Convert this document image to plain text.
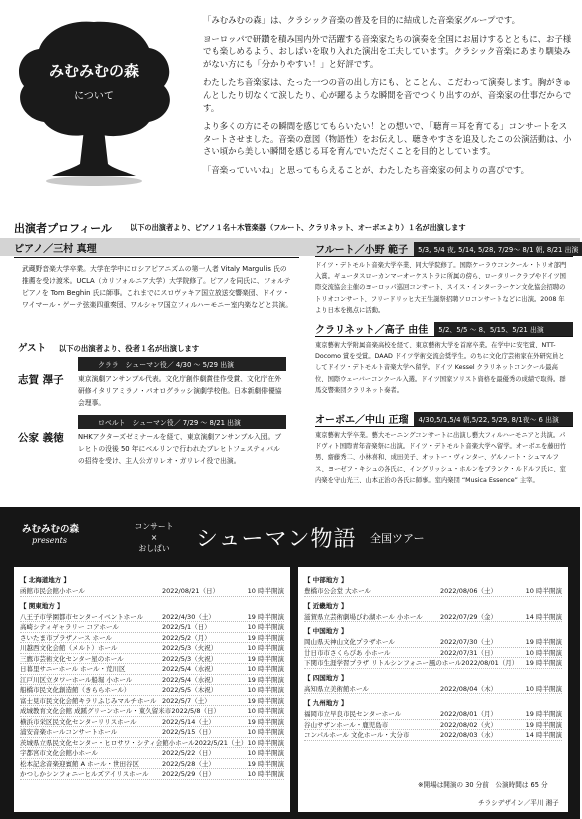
みむみむの森
について

「みむみむの森」は、クラシック音楽の普及を目的に結成した音楽家グループです。

ヨーロッパで研鑽を積み国内外で活躍する音楽家たちの演奏を全国にお届けするとともに、お子様でも楽しめるよう、おしばいを取り入れた演出を工夫しています。クラシック音楽にあまり馴染みがない方にも「分かりやすい！」と好評です。

わたしたち音楽家は、たった一つの音の出し方にも、とことん、こだわって演奏します。胸がきゅんとしたり切なくて涙したり、心が躍るような瞬間を音でつくり出すのが、音楽家の仕事だからです。

より多くの方にその瞬間を感じてもらいたい！との想いで、「聴育＝耳を育てる」コンサートをスタートさせました。音楽の意図（物語性）をお伝えし、聴きやすさを追及したこの公演活動は、小さい頃から美しい瞬間を感じる耳を育んでいただくことを目的としています。

「音楽っていいね」と思ってもらえることが、わたしたち音楽家の何よりの喜びです。

出演者プロフィール	以下の出演者より、ピアノ１名＋木管楽器（フルート、クラリネット、オーボエより）１名が出演します
ピアノ／三村 真理
武蔵野音楽大学卒業。大学在学中にロシアピアニズムの第一人者 Vitaly Margulis 氏の推薦を受け渡米。UCLA（カリフォルニア大学）大学院修了。ピアノを同氏に、フォルテピアノを Tom Beghin 氏に師事。これまでにスロヴァキア国立放送交響楽団、ドイツ・ワイマール・ゲーテ弦楽四重奏団、ワルシャワ国立フィルハーモニー室内楽などと共演。
ゲスト 以下の出演者より、役者１名が出演します
クララ　シューマン役／ 4/30 ～ 5/29 出演
志賀 澤子 東京演劇アンサンブル代表。文化庁創作劇賞佳作受賞、文化庁在外研修イタリアミラノ・パオログラッシ演劇学校他。日本新劇俳優協会理事。
ロベルト　シューマン役／ 7/29 ～ 8/21 出演
公家 義徳 NHKアクターズゼミナールを経て、東京演劇アンサンブル入団。ブレヒトの没後 50 年にベルリンで行われたブレヒトフェスティバルの招待を受け、主人公ガリレオ・ガリレイ役で出演。
フルート／小野 範子	5/3, 5/4 夜, 5/14, 5/28, 7/29～ 8/1 朝, 8/21 出演
ドイツ・デトモルト音楽大学卒業、同大学院修了。国際ケーラウコンクール・トリオ部門入賞。ギュータスローカンマーオーケストラに所属の傍ら、ロータリークラブやドイツ国際交流協会主催のヨーロッパ巡回コンサート、スイス・インターラーケン文化協会招聘のトリオコンサート、フリードリッヒ大王生誕祭招聘ソロコンサートなどに出演。2008 年より日本を拠点に活動。
クラリネット／高子 由佳	5/2、5/5 ～ 8、5/15、5/21 出演
東京藝術大学附属音楽高校を経て、東京藝術大学を首席卒業。在学中に安宅賞、NTT-Docomo 賞を受賞。DAAD ドイツ学術交流会奨学生。のちに文化庁芸術家在外研究員としてドイツ・デトモルト音楽大学へ留学。ドイツ Kessel クラリネットコンクール最高位、国際ウェーバーコンクール入選。ドイツ国家ソリスト資格を最優秀の成績で取得。群馬交響楽団クラリネット奏者。
オーボエ／中山 正瑠	4/30,5/1,5/4 朝,5/22, 5/29, 8/1夜～ 6 出演
東京藝術大学卒業。藝大モーニングコンサートに出演し藝大フィルハーモニアと共演。パドヴィト国際青年音楽祭に出演。ドイツ・デトモルト音楽大学へ留学。オーボエを藤田竹男、齋藤秀二、小林喜和、成田美子、オットー・ヴィンター、ゲルノート・シュマルフス、ヨーゼフ・キシュの各氏に、イングリッシュ・ホルンをブランク・ルドルフ氏に、室内楽を守山光三、山本正治の各氏に師事。室内楽団 “Musica Essence” 主宰。
みむみむの森
presents
コンサート
×
おしばい	シューマン物語 全国ツアー
【 北海道地方 】
函館市民会館小ホール	2022/08/21（日）	10 時半開演
【 関東地方 】
八王子市学園都市センターイベントホール	2022/4/30（土）	19 時半開演
高崎シティギャラリー コアホール	2022/5/1（日）	10 時半開演
さいたま市プラザノース ホール	2022/5/2（月）	19 時半開演
川越西文化会館（メルト）ホール	2022/5/3（火祝）	10 時半開演
三鷹市芸術文化センター星のホール	2022/5/3（火祝）	19 時半開演
日暮里サニーホール ホール・荒川区	2022/5/4（水祝）	10 時半開演
江戸川区立タワーホール船堀 小ホール	2022/5/4（水祝）	19 時半開演
船橋市民文化創造館（きららホール）	2022/5/5（木祝）	10 時半開演
富士見市民文化会館キラリふじみマルチホール 2022/5/7（土）	19 時半開演
成城教育文化会館 成蹊グリーンホール・東久留米市 2022/5/8（日）	10 時半開演
横浜市栄区民文化センターリリスホール	2022/5/14（土）	19 時半開演
浦安音楽ホールコンサートホール	2022/5/15（日）	10 時半開演
茨城県立県民文化センター・ヒロサワ・シティ会館小ホール 2022/5/21（土） 10 時半開演
宇都宮市文化会館小ホール	2022/5/22（日）	10 時半開演
松本記念音楽迎賓館 A ホール・世田谷区	2022/5/28（土）	19 時半開演
かつしかシンフォニーヒルズアイリスホール	2022/5/29（日）	10 時半開演
【 中部地方 】
豊橋市公会堂 大ホール	2022/08/06（土）	10 時半開演
【 近畿地方 】
滋賀県立芸術劇場びわ湖ホール 小ホール	2022/07/29（金）	14 時半開演
【 中国地方 】
岡山県天神山文化プラザホール	2022/07/30（土）	19 時半開演
廿日市市さくらぴあ 小ホール	2022/07/31（日）	10 時半開演
下関市生涯学習プラザ リトルシンフォニー風のホール 2022/08/01（月）	19 時半開演
【 四国地方 】
高知県立美術館ホール	2022/08/04（木）	10 時半開演
【 九州地方 】
福岡市立早良市民センターホール	2022/08/01（月）	19 時半開演
谷山サザンホール・鹿児島市	2022/08/02（火）	19 時半開演
コンパルホール 文化ホール・大分市	2022/08/03（水）	14 時半開演
※開場は開演の 30 分前　公演時間は 65 分
チラシデザイン／平川 湘子
